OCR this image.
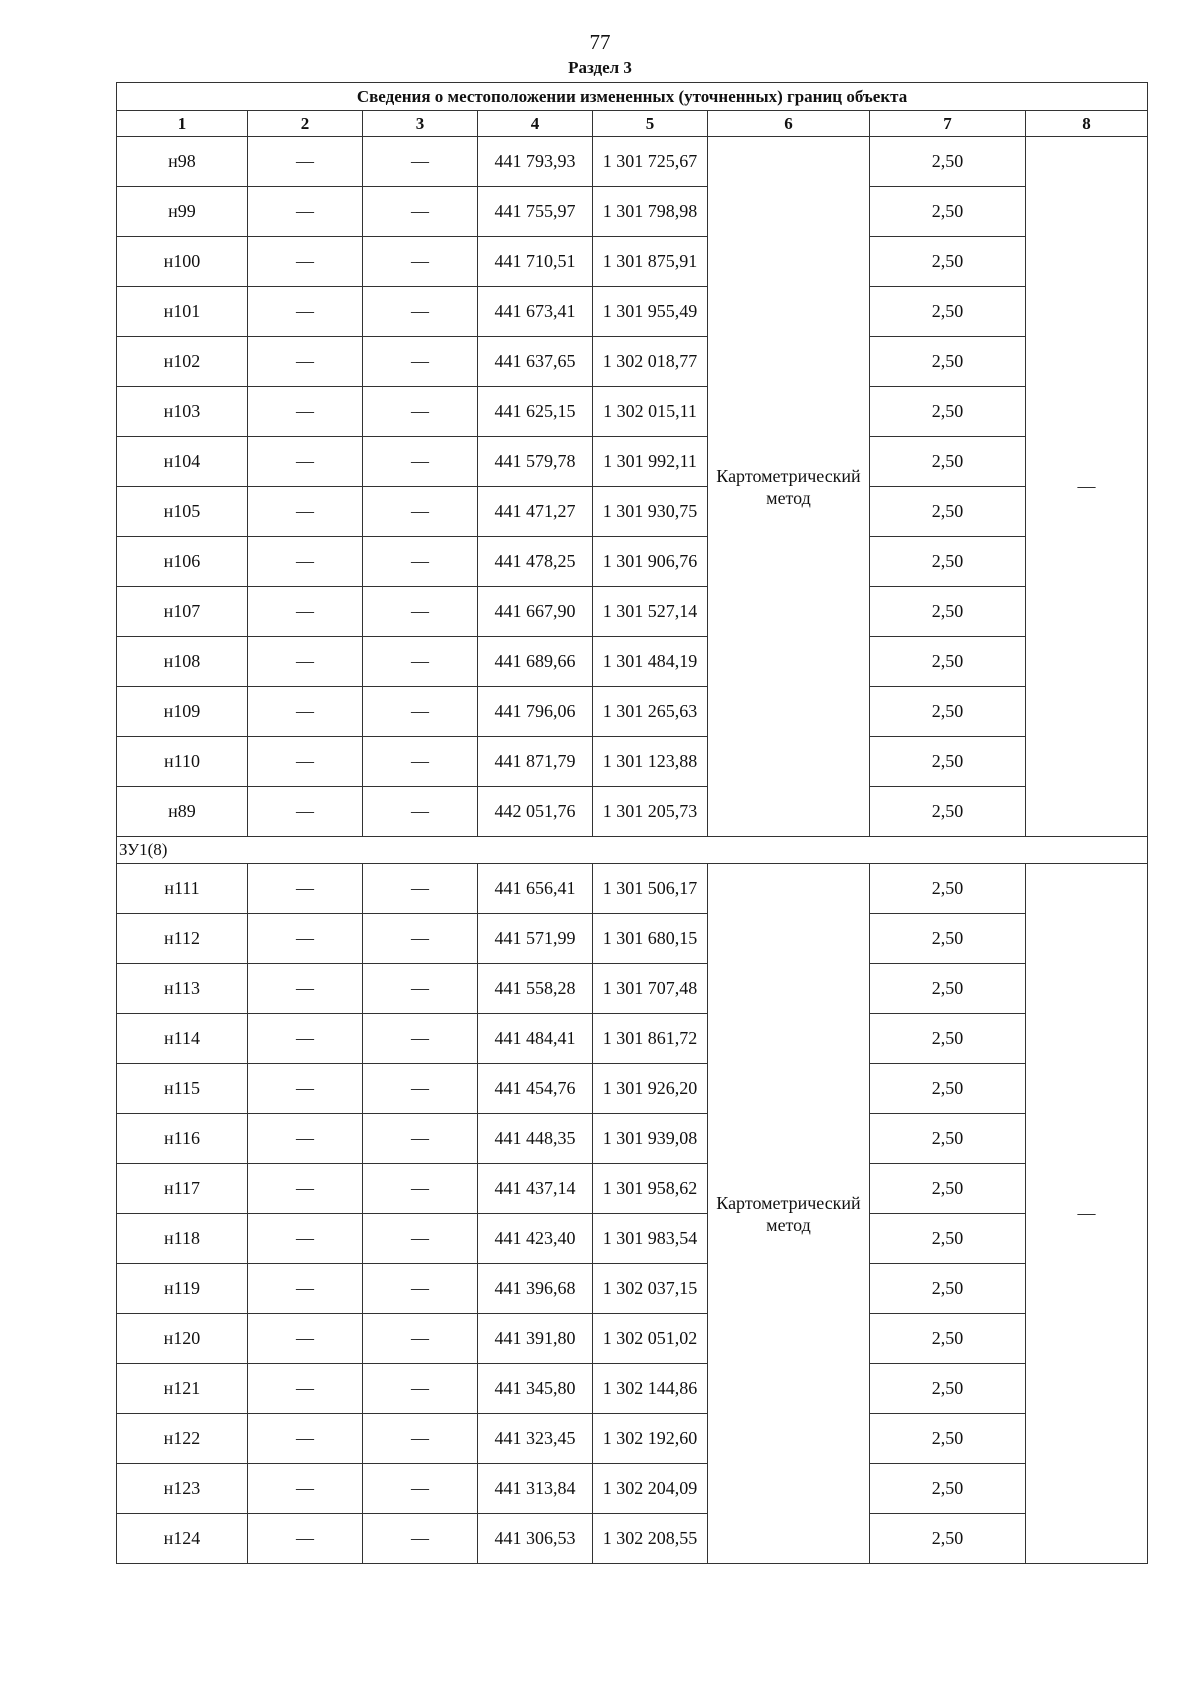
77
Раздел 3
Сведения о местоположении измененных (уточненных) границ объекта							
1	2	3	4	5	6	7	8
н98	—	—	441 793,93	1 301 725,67	Картометрический метод	2,50	—
н99	—	—	441 755,97	1 301 798,98		2,50	
н100	—	—	441 710,51	1 301 875,91		2,50	
н101	—	—	441 673,41	1 301 955,49		2,50	
н102	—	—	441 637,65	1 302 018,77		2,50	
н103	—	—	441 625,15	1 302 015,11		2,50	
н104	—	—	441 579,78	1 301 992,11		2,50	
н105	—	—	441 471,27	1 301 930,75		2,50	
н106	—	—	441 478,25	1 301 906,76		2,50	
н107	—	—	441 667,90	1 301 527,14		2,50	
н108	—	—	441 689,66	1 301 484,19		2,50	
н109	—	—	441 796,06	1 301 265,63		2,50	
н110	—	—	441 871,79	1 301 123,88		2,50	
н89	—	—	442 051,76	1 301 205,73		2,50	
ЗУ1(8)							
н111	—	—	441 656,41	1 301 506,17	Картометрический метод	2,50	—
н112	—	—	441 571,99	1 301 680,15		2,50	
н113	—	—	441 558,28	1 301 707,48		2,50	
н114	—	—	441 484,41	1 301 861,72		2,50	
н115	—	—	441 454,76	1 301 926,20		2,50	
н116	—	—	441 448,35	1 301 939,08		2,50	
н117	—	—	441 437,14	1 301 958,62		2,50	
н118	—	—	441 423,40	1 301 983,54		2,50	
н119	—	—	441 396,68	1 302 037,15		2,50	
н120	—	—	441 391,80	1 302 051,02		2,50	
н121	—	—	441 345,80	1 302 144,86		2,50	
н122	—	—	441 323,45	1 302 192,60		2,50	
н123	—	—	441 313,84	1 302 204,09		2,50	
н124	—	—	441 306,53	1 302 208,55		2,50	
